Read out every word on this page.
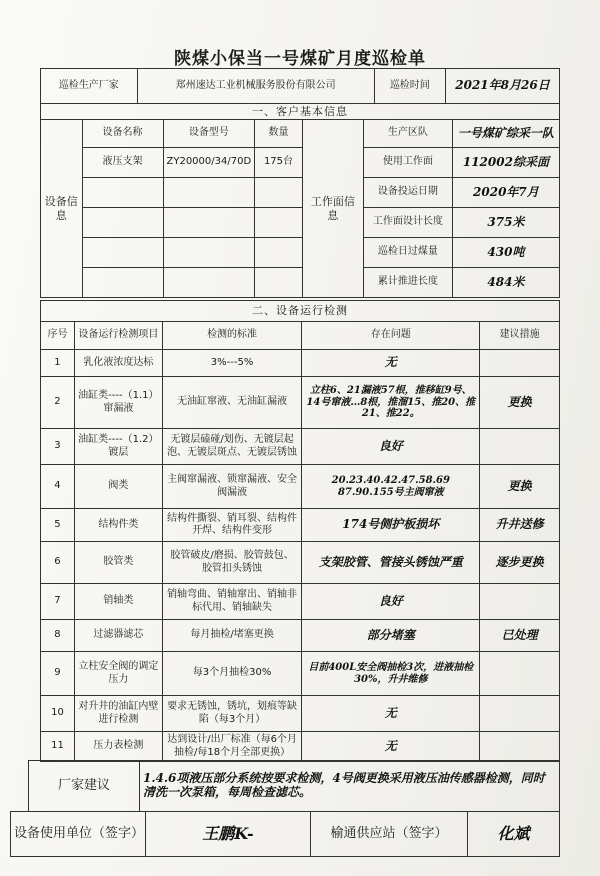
陕煤小保当一号煤矿月度巡检单
巡检生产厂家	郑州速达工业机械服务股份有限公司	巡检时间	2021年8月26日
一、客户基本信息
设备信息	设备名称	设备型号	数量	工作面信息	生产区队	一号煤矿综采一队
	液压支架	ZY20000/34/70D	175台		使用工作面	112002综采面
					设备投运日期	2020年7月
					工作面设计长度	375米
					巡检日过煤量	430吨
					累计推进长度	484米
二、设备运行检测
序号	设备运行检测项目	检测的标准	存在问题	建议措施
1	乳化液浓度达标	3%---5%	无	
2	油缸类----（1.1）窜漏液	无油缸窜液、无油缸漏液	立柱6、21漏液57根，推移缸9号、14号窜液…8根，推溜15、推20、推21、推22。	更换
3	油缸类----（1.2）镀层	无镀层磕碰/划伤、无镀层起泡、无镀层斑点、无镀层锈蚀	良好	
4	阀类	主阀窜漏液、锁窜漏液、安全阀漏液	20.23.40.42.47.58.69 87.90.155号主阀窜液	更换
5	结构件类	结构件撕裂、销耳裂、结构件开焊、结构件变形	174号侧护板损坏	升井送修
6	胶管类	胶管破皮/磨损、胶管鼓包、胶管扣头锈蚀	支架胶管、管接头锈蚀严重	逐步更换
7	销轴类	销轴弯曲、销轴窜出、销轴非标代用、销轴缺失	良好	
8	过滤器滤芯	每月抽检/堵塞更换	部分堵塞	已处理
9	立柱安全阀的调定压力	每3个月抽检30%	目前400L安全阀抽检3次，进液抽检30%，升井维修	
10	对升井的油缸内壁进行检测	要求无锈蚀，锈坑，划痕等缺陷（每3个月）	无	
11	压力表检测	达到设计/出厂标准（每6个月抽检/每18个月全部更换）	无	
厂家建议	1.4.6项液压部分系统按要求检测，4号阀更换采用液压油传感器检测，同时清洗一次泵箱，每周检查滤芯。
设备使用单位（签字）	王鹏K-	榆通供应站（签字）	化斌
